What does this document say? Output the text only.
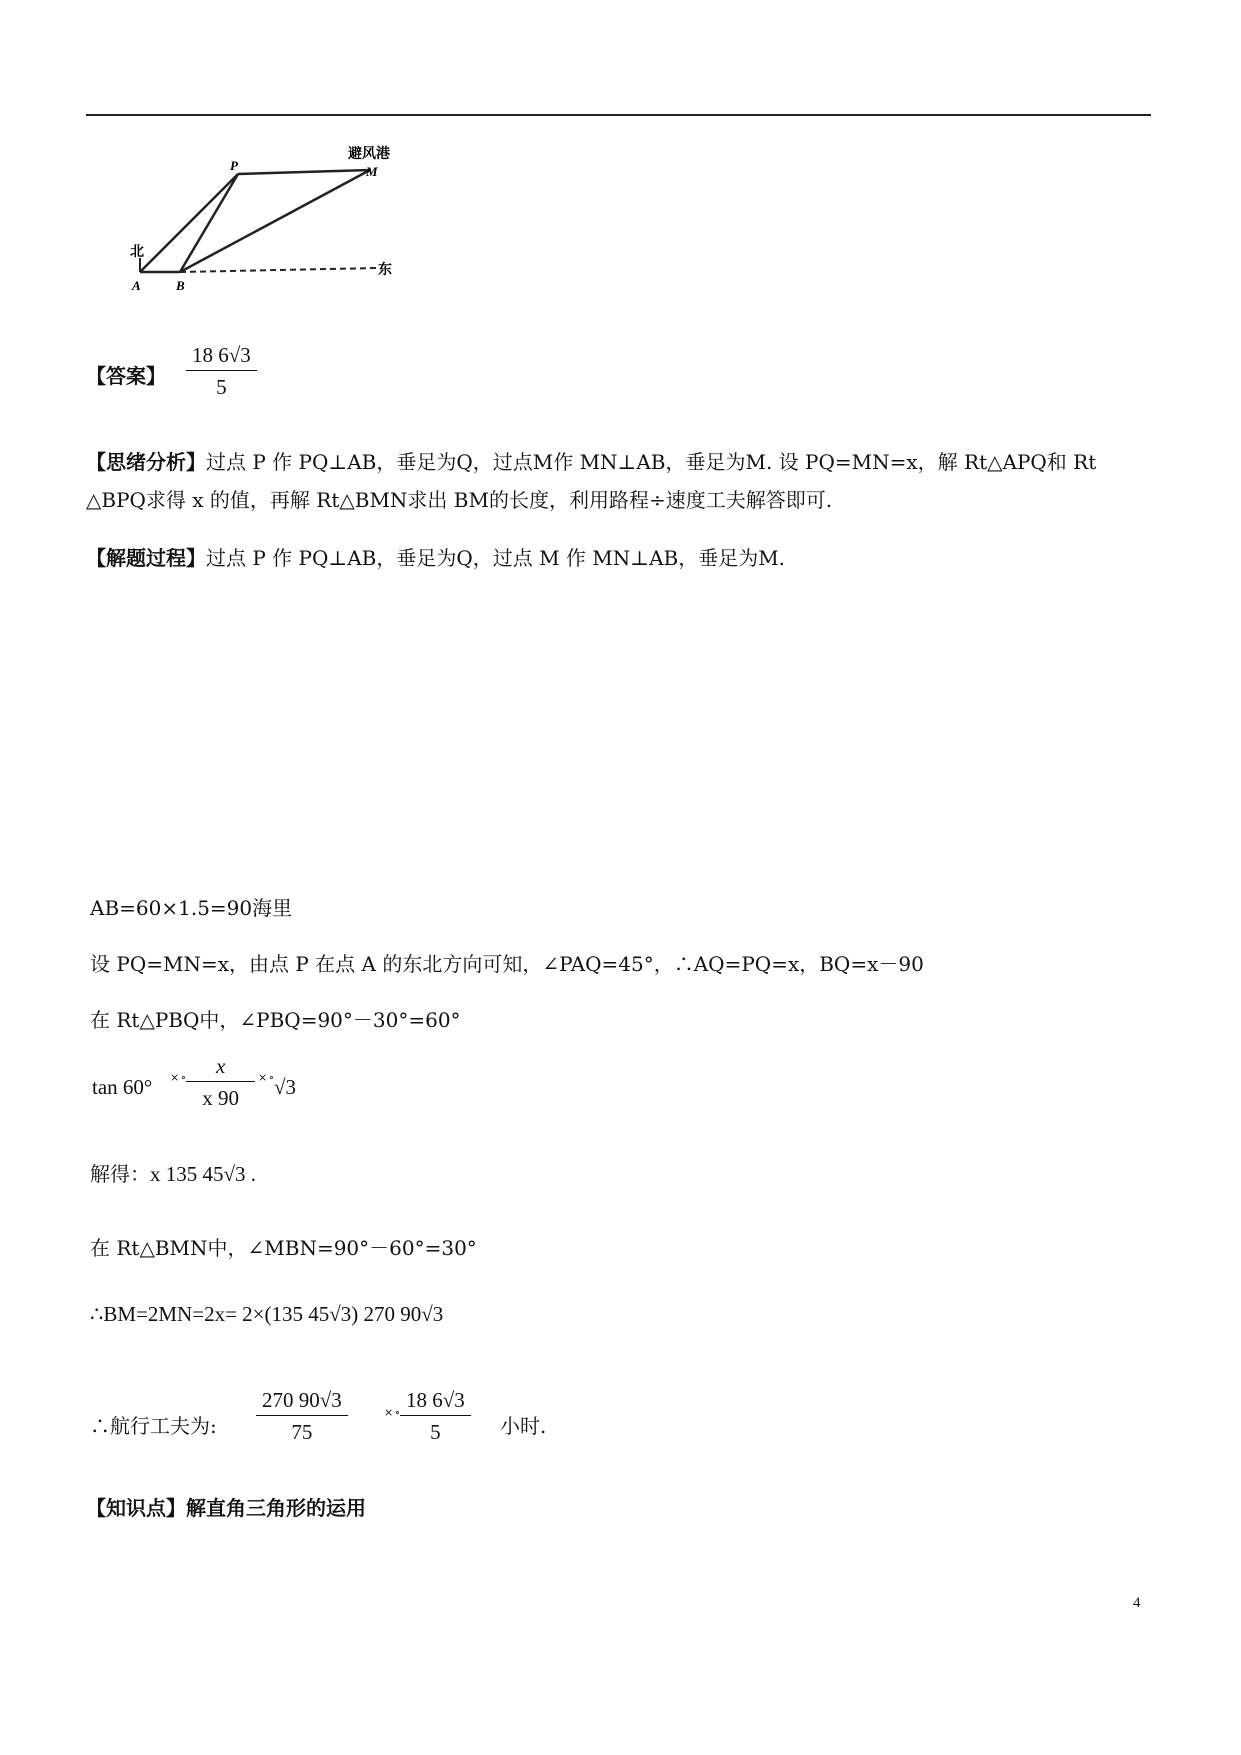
避风港
M
P
北
东
A	B
【答案】 $\frac{18 6√3}{5}$
【思绪分析】过点 P 作 PQ⊥AB，垂足为Q，过点M作 MN⊥AB，垂足为M. 设 PQ=MN=x，解 Rt△APQ和 Rt
△BPQ求得 x 的值，再解 Rt△BMN求出 BM的长度，利用路程÷速度工夫解答即可.
【解题过程】过点 P 作 PQ⊥AB，垂足为Q，过点 M 作 MN⊥AB，垂足为M.
AB=60×1.5=90海里
设 PQ=MN=x，由点 P 在点 A 的东北方向可知，∠PAQ=45°，∴AQ=PQ=x，BQ=x－90
在 Rt△PBQ中，∠PBQ=90°－30°=60°
tan 60° × ∘ $\frac{x}{x 90}$ × ∘ √3
解得：x 135 45√3 .
在 Rt△BMN中，∠MBN=90°－60°=30°
∴BM=2MN=2x= 2×(135 45√3) 270 90√3
∴航行工夫为: $\frac{270 90√3}{75}$	× ∘ $\frac{18 6√3}{5}$ 小时.
【知识点】解直角三角形的运用
4
